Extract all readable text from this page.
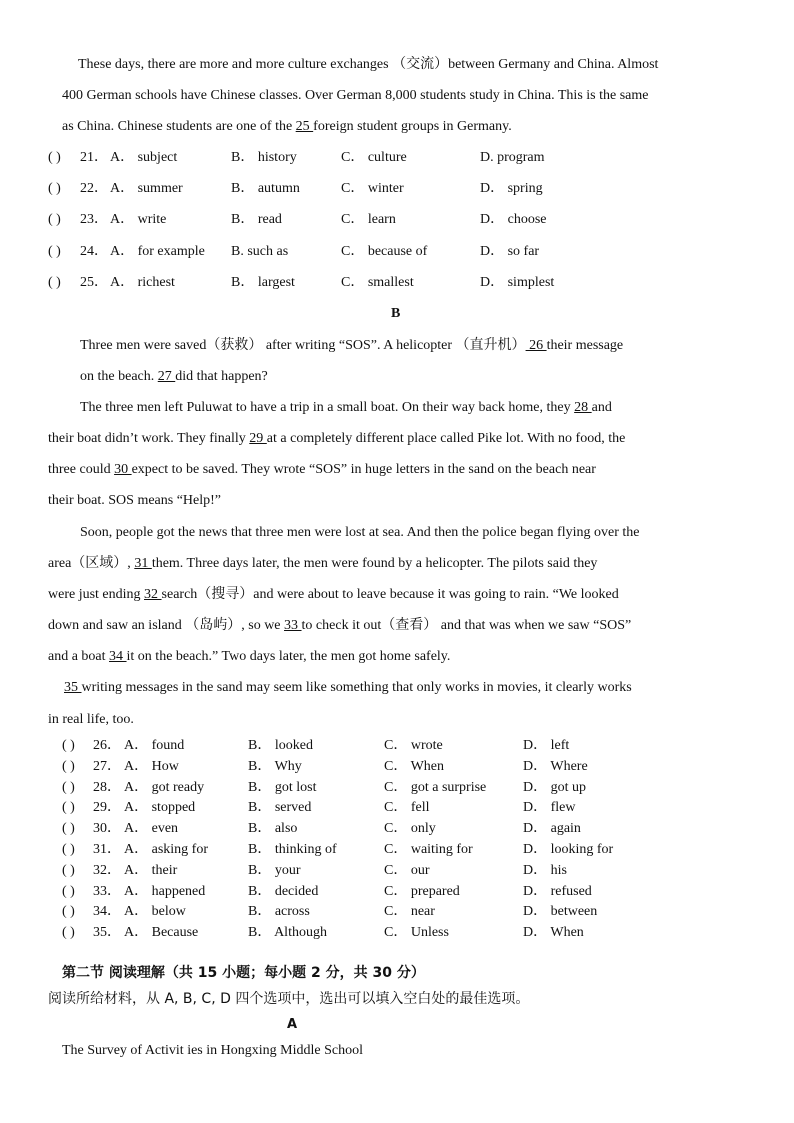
These days, there are more and more culture exchanges （交流）between Germany and China. Almost
400 German schools have Chinese classes. Over German 8,000 students study in China. This is the same
as China. Chinese students are one of the 25 foreign student groups in Germany.
( ) 21． A． subject	B． history	C． culture	D. program
( ) 22． A． summer	B． autumn	C． winter	D． spring
( ) 23． A． write	B． read	C． learn	D． choose
( ) 24． A． for example B. such as	C． because of	D． so far
( ) 25． A． richest	B． largest	C． smallest	D． simplest
B
Three men were saved（获救） after writing “SOS”. A helicopter （直升机） 26 their message
on the beach. 27 did that happen?
The three men left Puluwat to have a trip in a small boat. On their way back home, they 28 and
their boat didn’t work. They finally 29 at a completely different place called Pike lot. With no food, the
three could 30 expect to be saved. They wrote “SOS” in huge letters in the sand on the beach near
their boat. SOS means “Help!”
Soon, people got the news that three men were lost at sea. And then the police began flying over the
area（区域）, 31 them. Three days later, the men were found by a helicopter. The pilots said they
were just ending 32 search（搜寻）and were about to leave because it was going to rain. “We looked
down and saw an island （岛屿）, so we 33 to check it out（查看） and that was when we saw “SOS”
and a boat 34 it on the beach.” Two days later, the men got home safely.
35 writing messages in the sand may seem like something that only works in movies, it clearly works
in real life, too.
( ) 26． A． found	B． looked	C． wrote	D． left
( ) 27． A． How	B． Why	C． When	D． Where
( ) 28． A． got ready	B． got lost	C． got a surprise	D． got up
( ) 29． A． stopped	B． served	C． fell	D． flew
( ) 30． A． even	B． also	C． only	D． again
( ) 31． A． asking for	B． thinking of	C． waiting for	D． looking for
( ) 32． A． their	B． your	C． our	D． his
( ) 33． A． happened	B． decided	C． prepared	D． refused
( ) 34． A． below	B． across	C． near	D． between
( ) 35． A． Because	B． Although	C． Unless	D． When
第二节 阅读理解（共 15 小题；每小题 2 分，共 30 分）
阅读所给材料，从 A, B, C, D 四个选项中，选出可以填入空白处的最佳选项。
A
The Survey of Activit ies in Hongxing Middle School
